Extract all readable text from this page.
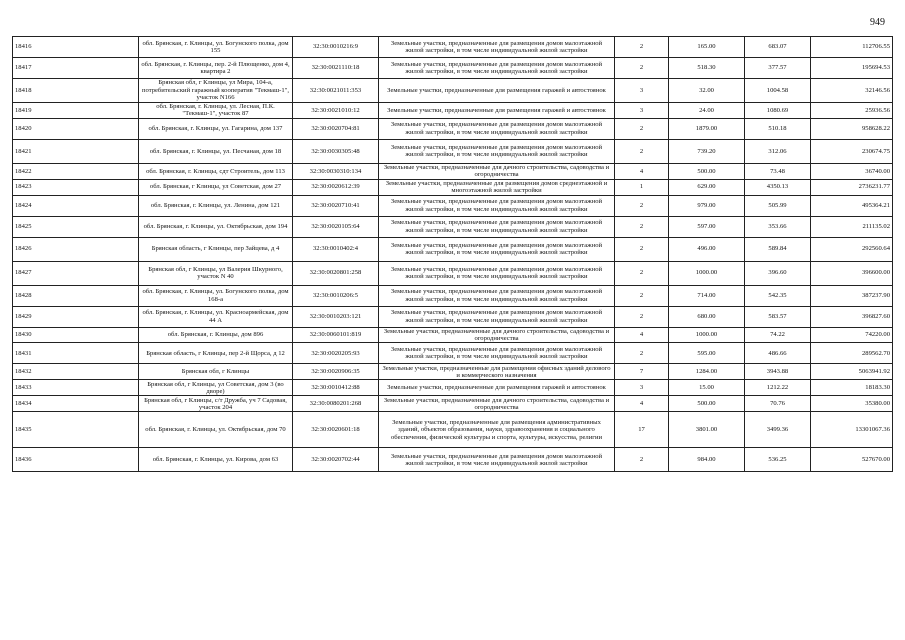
949
18416	обл. Брянская, г. Клинцы, ул. Богунского полка, дом 155	32:30:0010216:9	Земельные участки, предназначенные для размещения домов малоэтажной жилой застройки, в том числе индивидуальной жилой застройки	2	165.00	683.07	112706.55
18417	обл. Брянская, г. Клинцы, пер. 2-й Плющенко, дом 4, квартира 2	32:30:0021110:18	Земельные участки, предназначенные для размещения домов малоэтажной жилой застройки, в том числе индивидуальной жилой застройки	2	518.30	377.57	195694.53
18418	Брянская обл, г Клинцы, ул Мира, 104-а, потребительский гаражный кооператив "Текмаш-1", участок N166	32:30:0021011:353	Земельные участки, предназначенные для размещения гаражей и автостоянок	3	32.00	1004.58	32146.56
18419	обл. Брянская, г. Клинцы, ул. Лесная, П.К. "Текмаш-1", участок 87	32:30:0021010:12	Земельные участки, предназначенные для размещения гаражей и автостоянок	3	24.00	1080.69	25936.56
18420	обл. Брянская, г. Клинцы, ул. Гагарина, дом 137	32:30:0020704:81	Земельные участки, предназначенные для размещения домов малоэтажной жилой застройки, в том числе индивидуальной жилой застройки	2	1879.00	510.18	958628.22
18421	обл. Брянская, г. Клинцы, ул. Песчаная, дом 18	32:30:0030305:48	Земельные участки, предназначенные для размещения домов малоэтажной жилой застройки, в том числе индивидуальной жилой застройки	2	739.20	312.06	230674.75
18422	обл. Брянская, г. Клинцы, сдт Строитель, дом 113	32:30:0030310:134	Земельные участки, предназначенные для дачного строительства, садоводства и огородничества	4	500.00	73.48	36740.00
18423	обл. Брянская, г Клинцы, ул Советская, дом 27	32:30:0020612:39	Земельные участки, предназначенные для размещения домов среднеэтажной и многоэтажной жилой застройки	1	629.00	4350.13	2736231.77
18424	обл. Брянская, г. Клинцы, ул. Ленина, дом 121	32:30:0020710:41	Земельные участки, предназначенные для размещения домов малоэтажной жилой застройки, в том числе индивидуальной жилой застройки	2	979.00	505.99	495364.21
18425	обл. Брянская, г. Клинцы, ул. Октябрьская, дом 194	32:30:0020105:64	Земельные участки, предназначенные для размещения домов малоэтажной жилой застройки, в том числе индивидуальной жилой застройки	2	597.00	353.66	211135.02
18426	Брянская область, г Клинцы, пер Зайцева, д 4	32:30:0010402:4	Земельные участки, предназначенные для размещения домов малоэтажной жилой застройки, в том числе индивидуальной жилой застройки	2	496.00	589.84	292560.64
18427	Брянская обл, г Клинцы, ул Валерия Шкурного, участок N 40	32:30:0020801:258	Земельные участки, предназначенные для размещения домов малоэтажной жилой застройки, в том числе индивидуальной жилой застройки	2	1000.00	396.60	396600.00
18428	обл. Брянская, г. Клинцы, ул. Богунского полка, дом 168-а	32:30:0010206:5	Земельные участки, предназначенные для размещения домов малоэтажной жилой застройки, в том числе индивидуальной жилой застройки	2	714.00	542.35	387237.90
18429	обл. Брянская, г. Клинцы, ул. Красноармейская, дом 44 А	32:30:0010203:121	Земельные участки, предназначенные для размещения домов малоэтажной жилой застройки, в том числе индивидуальной жилой застройки	2	680.00	583.57	396827.60
18430	обл. Брянская, г. Клинцы, дом 896	32:30:0060101:819	Земельные участки, предназначенные для дачного строительства, садоводства и огородничества	4	1000.00	74.22	74220.00
18431	Брянская область, г Клинцы, пер 2-й Щорса, д 12	32:30:0020205:93	Земельные участки, предназначенные для размещения домов малоэтажной жилой застройки, в том числе индивидуальной жилой застройки	2	595.00	486.66	289562.70
18432	Брянская обл, г Клинцы	32:30:0020906:35	Земельные участки, предназначенные для размещения офисных зданий делового и коммерческого назначения	7	1284.00	3943.88	5063941.92
18433	Брянская обл, г Клинцы, ул Советская, дом 3 (во дворе)	32:30:0010412:88	Земельные участки, предназначенные для размещения гаражей и автостоянок	3	15.00	1212.22	18183.30
18434	Брянская обл, г Клинцы, с/т Дружба, уч 7 Садовая, участок 204	32:30:0080201:268	Земельные участки, предназначенные для дачного строительства, садоводства и огородничества	4	500.00	70.76	35380.00
18435	обл. Брянская, г. Клинцы, ул. Октябрьская, дом 70	32:30:0020601:18	Земельные участки, предназначенные для размещения административных зданий, объектов образования, науки, здравоохранения и социального обеспечения, физической культуры и спорта, культуры, искусства, религии	17	3801.00	3499.36	13301067.36
18436	обл. Брянская, г. Клинцы, ул. Кирова, дом 63	32:30:0020702:44	Земельные участки, предназначенные для размещения домов малоэтажной жилой застройки, в том числе индивидуальной жилой застройки	2	984.00	536.25	527670.00
